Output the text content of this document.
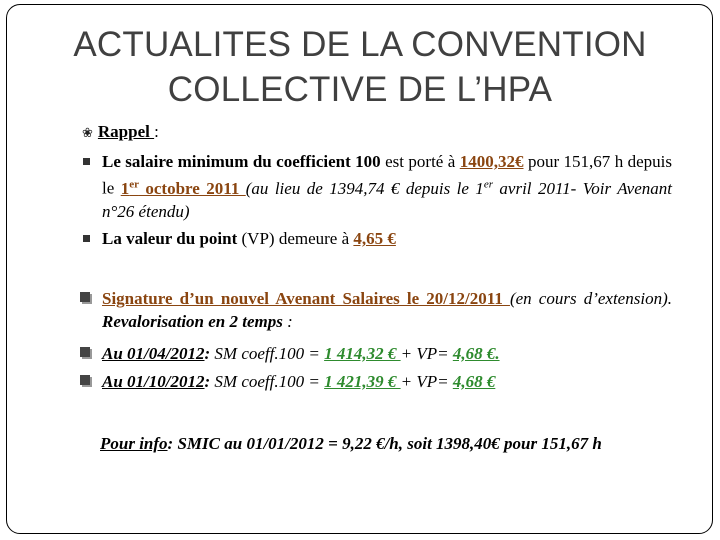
ACTUALITES DE LA CONVENTION
COLLECTIVE DE L’HPA
❀ Rappel :
Le salaire minimum du coefficient 100 est porté à 1400,32€ pour 151,67 h depuis le 1er octobre 2011 (au lieu de 1394,74 € depuis le 1er avril 2011- Voir Avenant n°26 étendu)
La valeur du point (VP) demeure à 4,65 €
Signature d’un nouvel Avenant Salaires le 20/12/2011 (en cours d’extension). Revalorisation en 2 temps :
Au 01/04/2012: SM coeff.100 = 1 414,32 € + VP= 4,68 €.
Au 01/10/2012: SM coeff.100 = 1 421,39 € + VP= 4,68 €
Pour info: SMIC au 01/01/2012 = 9,22 €/h, soit 1398,40€ pour 151,67 h
